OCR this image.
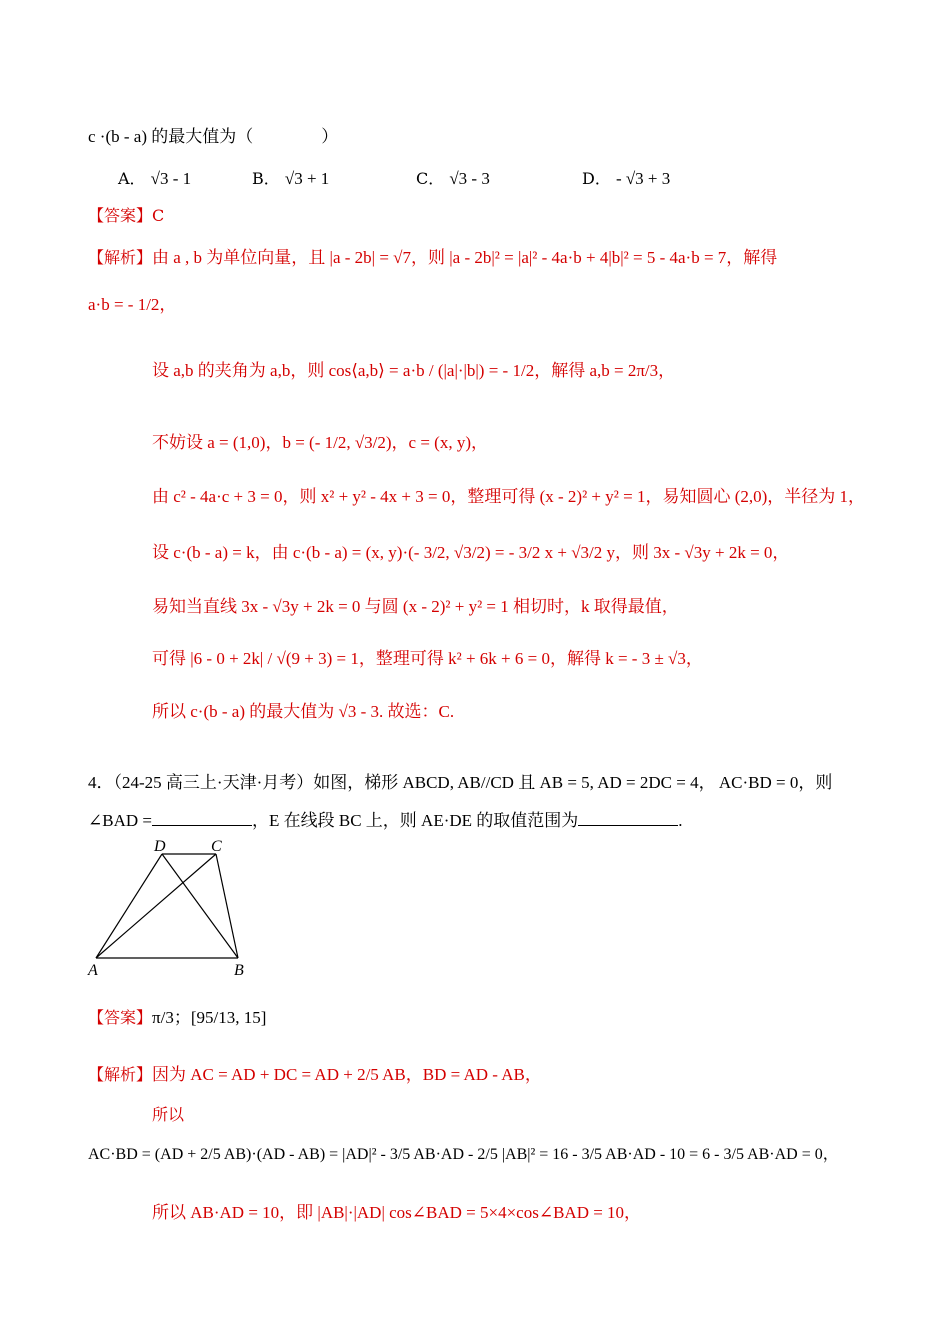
c ·(b - a) 的最大值为（　　　　）
A． √3 - 1	B． √3 + 1	C． √3 - 3	D． - √3 + 3
【答案】C
【解析】由 a , b 为单位向量，且 |a - 2b| = √7，则 |a - 2b|² = |a|² - 4a·b + 4|b|² = 5 - 4a·b = 7，解得
a·b = - 1/2，
设 a,b 的夹角为 a,b，则 cos⟨a,b⟩ = a·b / (|a|·|b|) = - 1/2，解得 a,b = 2π/3，
不妨设 a = (1,0)，b = (- 1/2, √3/2)，c = (x, y)，
由 c² - 4a·c + 3 = 0，则 x² + y² - 4x + 3 = 0，整理可得 (x - 2)² + y² = 1，易知圆心 (2,0)，半径为 1，
设 c·(b - a) = k，由 c·(b - a) = (x, y)·(- 3/2, √3/2) = - 3/2 x + √3/2 y，则 3x - √3y + 2k = 0，
易知当直线 3x - √3y + 2k = 0 与圆 (x - 2)² + y² = 1 相切时，k 取得最值，
可得 |6 - 0 + 2k| / √(9 + 3) = 1，整理可得 k² + 6k + 6 = 0，解得 k = - 3 ± √3，
所以 c·(b - a) 的最大值为 √3 - 3. 故选：C.
4．（24-25 高三上·天津·月考）如图，梯形 ABCD, AB//CD 且 AB = 5, AD = 2DC = 4， AC·BD = 0，则
∠BAD =	，E 在线段 BC 上，则 AE·DE 的取值范围为	.
D	C
A	B
【答案】π/3；[95/13, 15]
【解析】因为 AC = AD + DC = AD + 2/5 AB，BD = AD - AB，
所以
AC·BD = (AD + 2/5 AB)·(AD - AB) = |AD|² - 3/5 AB·AD - 2/5 |AB|² = 16 - 3/5 AB·AD - 10 = 6 - 3/5 AB·AD = 0，
所以 AB·AD = 10，即 |AB|·|AD| cos∠BAD = 5×4×cos∠BAD = 10，
